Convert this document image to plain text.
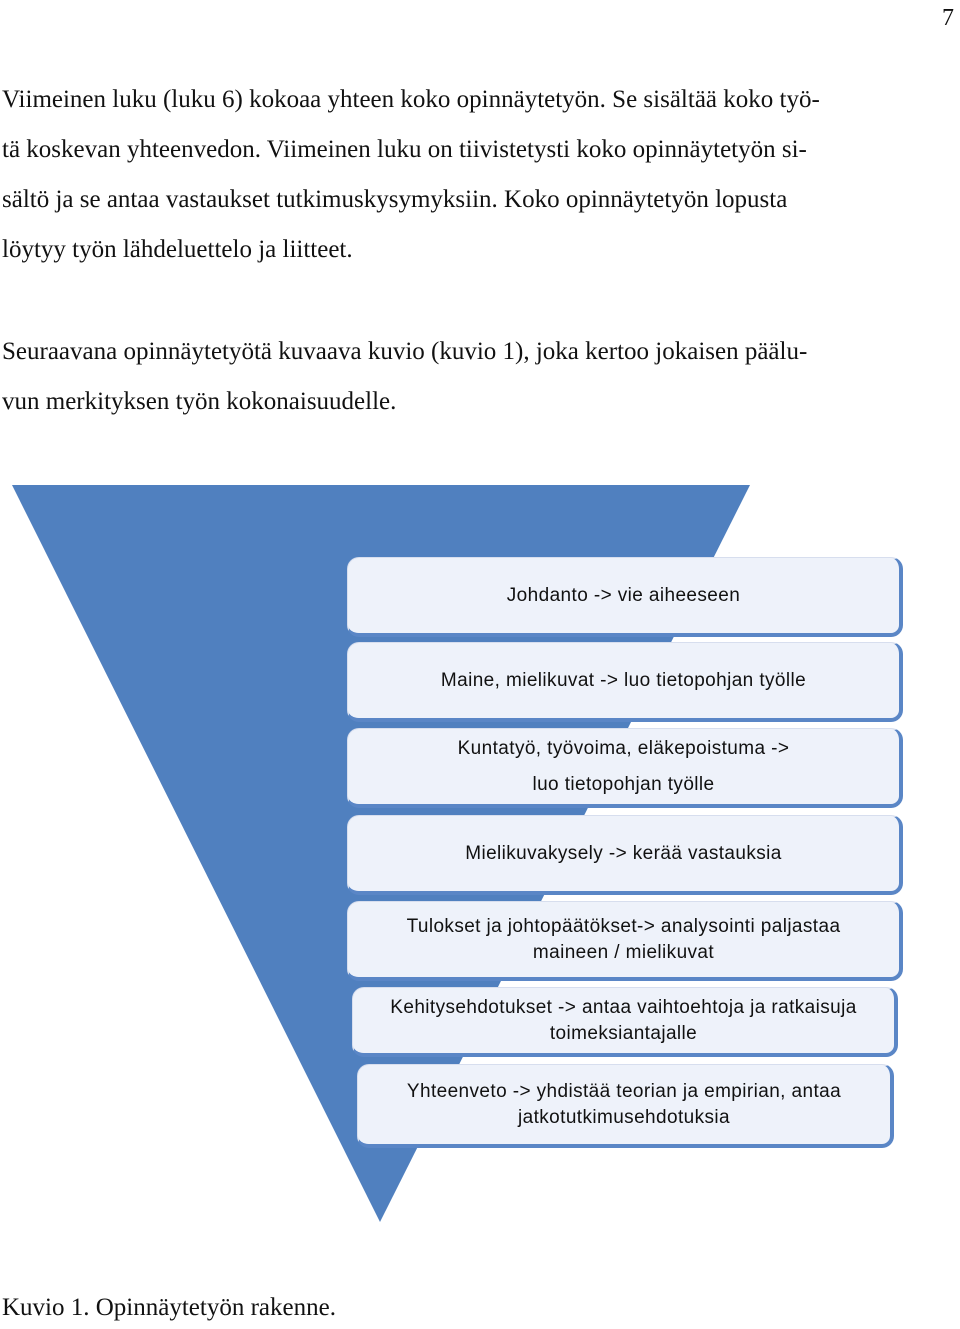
7

Viimeinen luku (luku 6) kokoaa yhteen koko opinnäytetyön. Se sisältää koko työ-
tä koskevan yhteenvedon. Viimeinen luku on tiivistetysti koko opinnäytetyön si-
sältö ja se antaa vastaukset tutkimuskysymyksiin. Koko opinnäytetyön lopusta
löytyy työn lähdeluettelo ja liitteet.

Seuraavana opinnäytetyötä kuvaava kuvio (kuvio 1), joka kertoo jokaisen päälu-
vun merkityksen työn kokonaisuudelle.

Johdanto -> vie aiheeseen
Maine, mielikuvat -> luo tietopohjan työlle
Kuntatyö, työvoima, eläkepoistuma ->
luo tietopohjan työlle
Mielikuvakysely -> kerää vastauksia
Tulokset ja johtopäätökset-> analysointi paljastaa
maineen / mielikuvat
Kehitysehdotukset -> antaa vaihtoehtoja ja ratkaisuja
toimeksiantajalle
Yhteenveto -> yhdistää teorian ja empirian, antaa
jatkotutkimusehdotuksia

Kuvio 1. Opinnäytetyön rakenne.
